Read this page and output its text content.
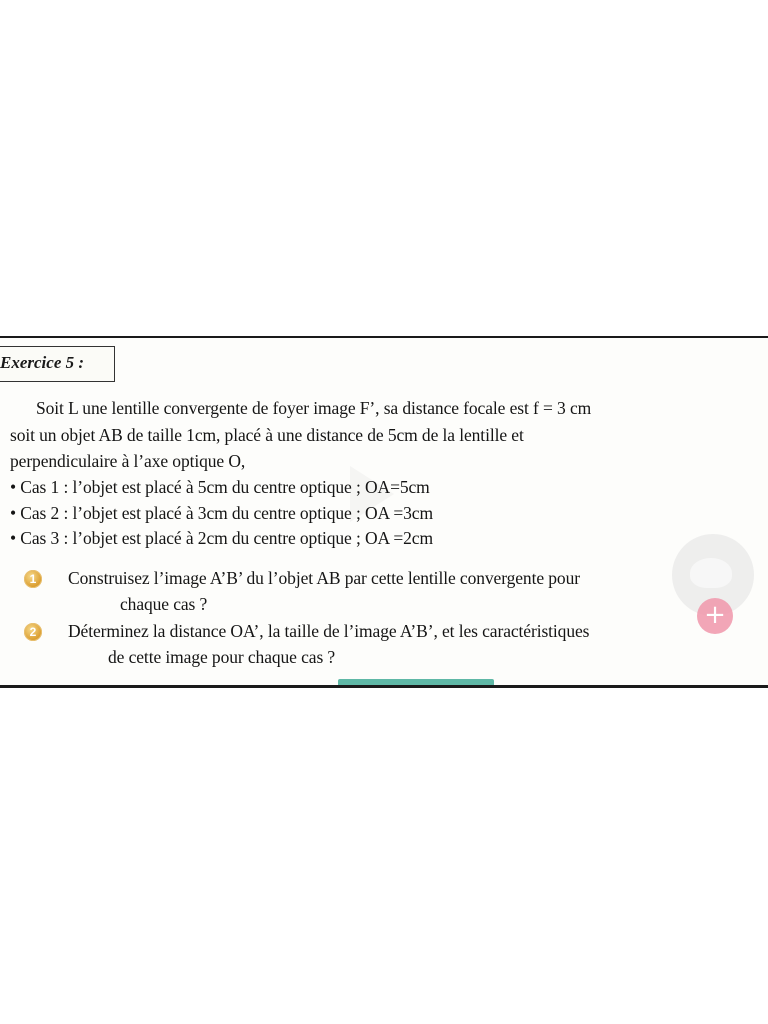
Exercice 5 :
Soit L une lentille convergente de foyer image F’, sa distance focale est f = 3 cm
soit un objet AB de taille 1cm, placé à une distance de 5cm de la lentille et
perpendiculaire à l’axe optique O,
• Cas 1 : l’objet est placé à 5cm du centre optique ; OA=5cm
• Cas 2 : l’objet est placé à 3cm du centre optique ; OA =3cm
• Cas 3 : l’objet est placé à 2cm du centre optique ; OA =2cm
1	Construisez l’image A’B’ du l’objet AB par cette lentille convergente pour
chaque cas ?
2	Déterminez la distance OA’, la taille de l’image A’B’, et les caractéristiques
de cette image pour chaque cas ?
+
